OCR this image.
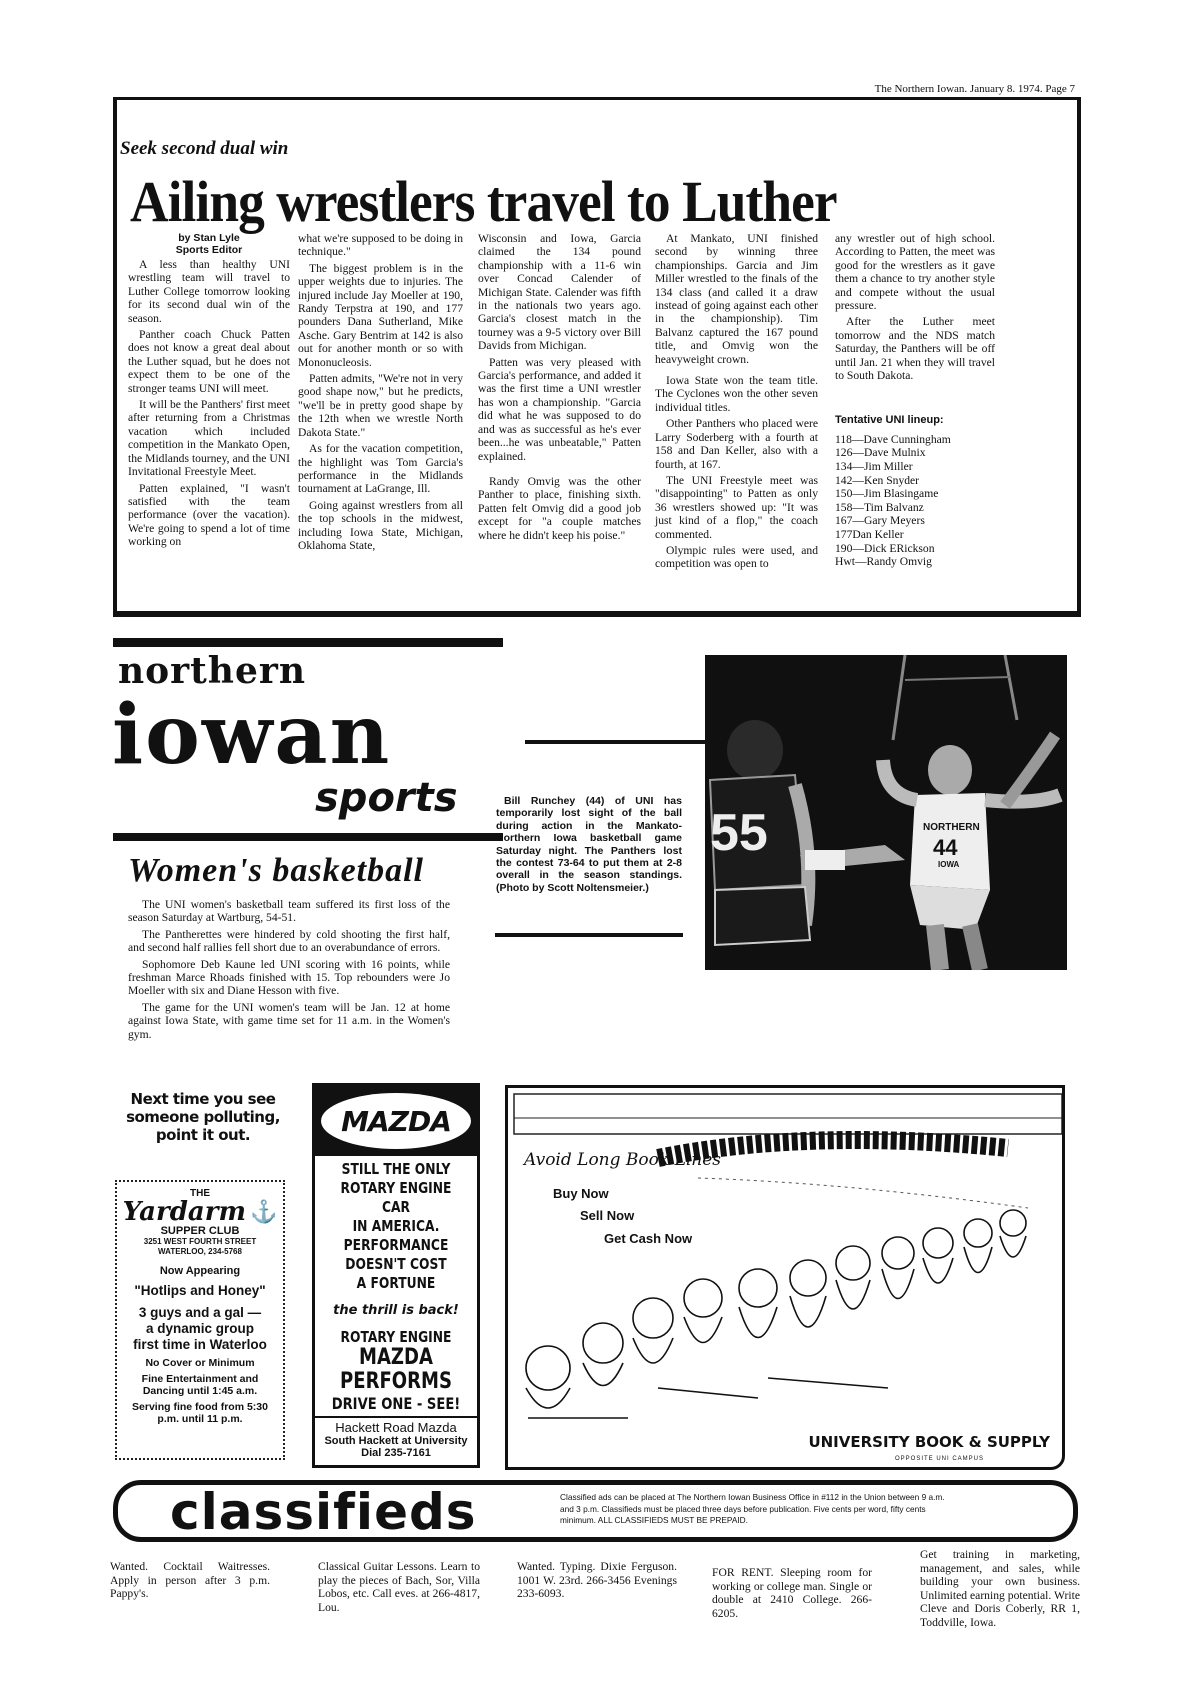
The Northern Iowan. January 8. 1974. Page 7
Seek second dual win
Ailing wrestlers travel to Luther
by Stan Lyle
Sports Editor

A less than healthy UNI wrestling team will travel to Luther College tomorrow looking for its second dual win of the season.

Panther coach Chuck Patten does not know a great deal about the Luther squad, but he does not expect them to be one of the stronger teams UNI will meet.

It will be the Panthers' first meet after returning from a Christmas vacation which included competition in the Mankato Open, the Midlands tourney, and the UNI Invitational Freestyle Meet.

Patten explained, "I wasn't satisfied with the team performance (over the vacation). We're going to spend a lot of time working on

what we're supposed to be doing in technique."

The biggest problem is in the upper weights due to injuries. The injured include Jay Moeller at 190, Randy Terpstra at 190, and 177 pounders Dana Sutherland, Mike Asche. Gary Bentrim at 142 is also out for another month or so with Mononucleosis.

Patten admits, "We're not in very good shape now," but he predicts, "we'll be in pretty good shape by the 12th when we wrestle North Dakota State."

As for the vacation competition, the highlight was Tom Garcia's performance in the Midlands tournament at LaGrange, Ill.

Going against wrestlers from all the top schools in the midwest, including Iowa State, Michigan, Oklahoma State,

Wisconsin and Iowa, Garcia claimed the 134 pound championship with a 11-6 win over Concad Calender of Michigan State. Calender was fifth in the nationals two years ago. Garcia's closest match in the tourney was a 9-5 victory over Bill Davids from Michigan.

Patten was very pleased with Garcia's performance, and added it was the first time a UNI wrestler has won a championship. "Garcia did what he was supposed to do and was as successful as he's ever been...he was unbeatable," Patten explained.

Randy Omvig was the other Panther to place, finishing sixth. Patten felt Omvig did a good job except for "a couple matches where he didn't keep his poise."

At Mankato, UNI finished second by winning three championships. Garcia and Jim Miller wrestled to the finals of the 134 class (and called it a draw instead of going against each other in the championship). Tim Balvanz captured the 167 pound title, and Omvig won the heavyweight crown.

Iowa State won the team title. The Cyclones won the other seven individual titles.

Other Panthers who placed were Larry Soderberg with a fourth at 158 and Dan Keller, also with a fourth, at 167.

The UNI Freestyle meet was "disappointing" to Patten as only 36 wrestlers showed up: "It was just kind of a flop," the coach commented.

Olympic rules were used, and competition was open to

any wrestler out of high school. According to Patten, the meet was good for the wrestlers as it gave them a chance to try another style and compete without the usual pressure.

After the Luther meet tomorrow and the NDS match Saturday, the Panthers will be off until Jan. 21 when they will travel to South Dakota.

Tentative UNI lineup:
118—Dave Cunningham
126—Dave Mulnix
134—Jim Miller
142—Ken Snyder
150—Jim Blasingame
158—Tim Balvanz
167—Gary Meyers
177Dan Keller
190—Dick ERickson
Hwt—Randy Omvig
northern
iowan
sports	Bill Runchey (44) of UNI has temporarily lost sight of the ball during action in the Mankato-Northern Iowa basketball game Saturday night. The Panthers lost the contest 73-64 to put them at 2-8 overall in the season standings. (Photo by Scott Noltensmeier.)

55	NORTHERN
44
IOWA
Women's basketball

The UNI women's basketball team suffered its first loss of the season Saturday at Wartburg, 54-51.

The Pantherettes were hindered by cold shooting the first half, and second half rallies fell short due to an overabundance of errors.

Sophomore Deb Kaune led UNI scoring with 16 points, while freshman Marce Rhoads finished with 15. Top rebounders were Jo Moeller with six and Diane Hesson with five.

The game for the UNI women's team will be Jan. 12 at home against Iowa State, with game time set for 11 a.m. in the Women's gym.

Next time you see someone polluting, point it out.
THE
Yardarm ⚓
SUPPER CLUB
3251 WEST FOURTH STREET
WATERLOO, 234-5768
Now Appearing
"Hotlips and Honey"
3 guys and a gal —
a dynamic group
first time in Waterloo
No Cover or Minimum
Fine Entertainment and Dancing until 1:45 a.m.
Serving fine food from 5:30 p.m. until 11 p.m.
MAZDA
STILL THE ONLY
ROTARY ENGINE CAR
IN AMERICA.
PERFORMANCE
DOESN'T COST
A FORTUNE
the thrill is back!
ROTARY ENGINE
MAZDA
PERFORMS
DRIVE ONE - SEE!
Hackett Road Mazda
South Hackett at University
Dial 235-7161
Avoid Long Book Lines
Buy Now
Sell Now
Get Cash Now
UNIVERSITY BOOK & SUPPLY
OPPOSITE UNI CAMPUS
classifieds	Classified ads can be placed at The Northern Iowan Business Office in #112 in the Union between 9 a.m. and 3 p.m. Classifieds must be placed three days before publication. Five cents per word, fifty cents minimum. ALL CLASSIFIEDS MUST BE PREPAID.
Wanted. Cocktail Waitresses. Apply in person after 3 p.m. Pappy's.
Classical Guitar Lessons. Learn to play the pieces of Bach, Sor, Villa Lobos, etc. Call eves. at 266-4817, Lou.
Wanted. Typing. Dixie Ferguson. 1001 W. 23rd. 266-3456 Evenings 233-6093.
FOR RENT. Sleeping room for working or college man. Single or double at 2410 College. 266-6205.
Get training in marketing, management, and sales, while building your own business. Unlimited earning potential. Write Cleve and Doris Coberly, RR 1, Toddville, Iowa.
